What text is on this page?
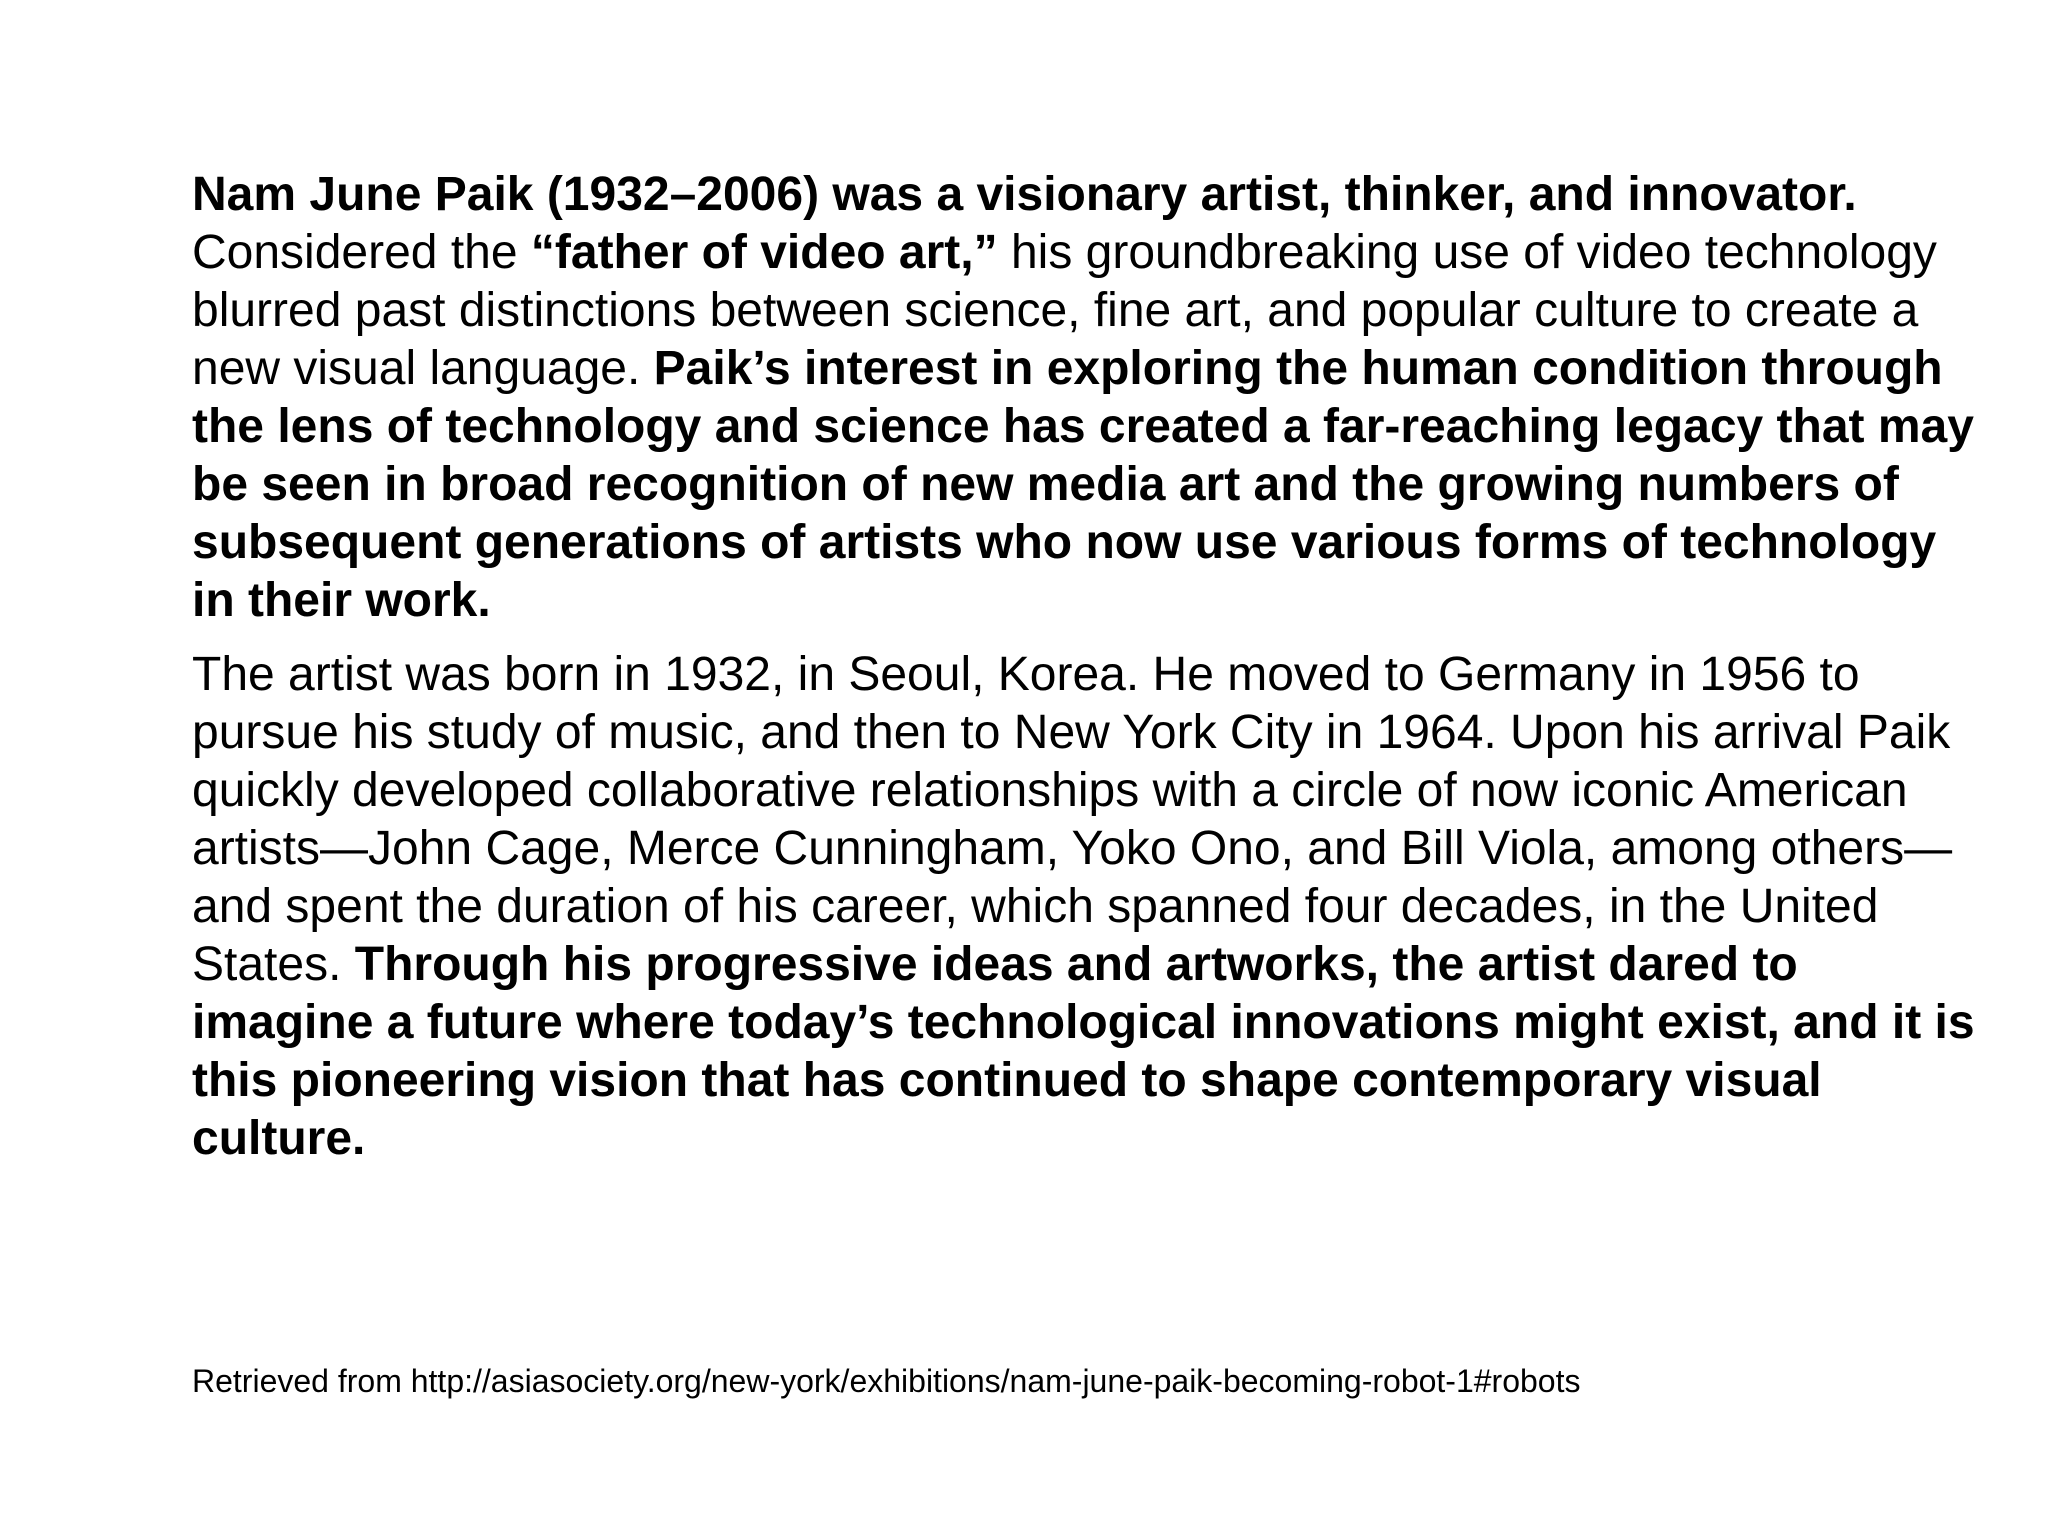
Nam June Paik (1932–2006) was a visionary artist, thinker, and innovator. Considered the “father of video art,” his groundbreaking use of video technology blurred past distinctions between science, fine art, and popular culture to create a new visual language. Paik’s interest in exploring the human condition through the lens of technology and science has created a far-reaching legacy that may be seen in broad recognition of new media art and the growing numbers of subsequent generations of artists who now use various forms of technology in their work.

The artist was born in 1932, in Seoul, Korea. He moved to Germany in 1956 to pursue his study of music, and then to New York City in 1964. Upon his arrival Paik quickly developed collaborative relationships with a circle of now iconic American artists—John Cage, Merce Cunningham, Yoko Ono, and Bill Viola, among others—and spent the duration of his career, which spanned four decades, in the United States. Through his progressive ideas and artworks, the artist dared to imagine a future where today’s technological innovations might exist, and it is this pioneering vision that has continued to shape contemporary visual culture.

Retrieved from http://asiasociety.org/new-york/exhibitions/nam-june-paik-becoming-robot-1#robots
